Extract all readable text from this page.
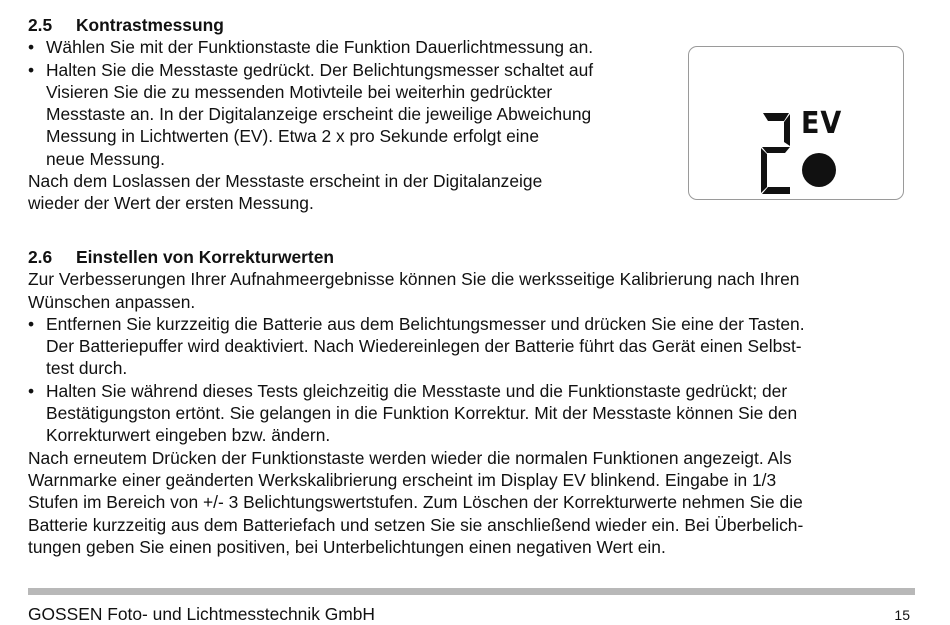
2.5 Kontrastmessung

• Wählen Sie mit der Funktionstaste die Funktion Dauerlichtmessung an.
• Halten Sie die Messtaste gedrückt. Der Belichtungsmesser schaltet auf
Visieren Sie die zu messenden Motivteile bei weiterhin gedrückter
Messtaste an. In der Digitalanzeige erscheint die jeweilige Abweichung
Messung in Lichtwerten (EV). Etwa 2 x pro Sekunde erfolgt eine
neue Messung.

Nach dem Loslassen der Messtaste erscheint in der Digitalanzeige
wieder der Wert der ersten Messung.

EV

2.6 Einstellen von Korrekturwerten

Zur Verbesserungen Ihrer Aufnahmeergebnisse können Sie die werksseitige Kalibrierung nach Ihren
Wünschen anpassen.

• Entfernen Sie kurzzeitig die Batterie aus dem Belichtungsmesser und drücken Sie eine der Tasten.
Der Batteriepuffer wird deaktiviert. Nach Wiedereinlegen der Batterie führt das Gerät einen Selbst-
test durch.
• Halten Sie während dieses Tests gleichzeitig die Messtaste und die Funktionstaste gedrückt; der
Bestätigungston ertönt. Sie gelangen in die Funktion Korrektur. Mit der Messtaste können Sie den
Korrekturwert eingeben bzw. ändern.

Nach erneutem Drücken der Funktionstaste werden wieder die normalen Funktionen angezeigt. Als
Warnmarke einer geänderten Werkskalibrierung erscheint im Display EV blinkend. Eingabe in 1/3
Stufen im Bereich von +/- 3 Belichtungswertstufen. Zum Löschen der Korrekturwerte nehmen Sie die
Batterie kurzzeitig aus dem Batteriefach und setzen Sie sie anschließend wieder ein. Bei Überbelich-
tungen geben Sie einen positiven, bei Unterbelichtungen einen negativen Wert ein.

GOSSEN Foto- und Lichtmesstechnik GmbH	15
